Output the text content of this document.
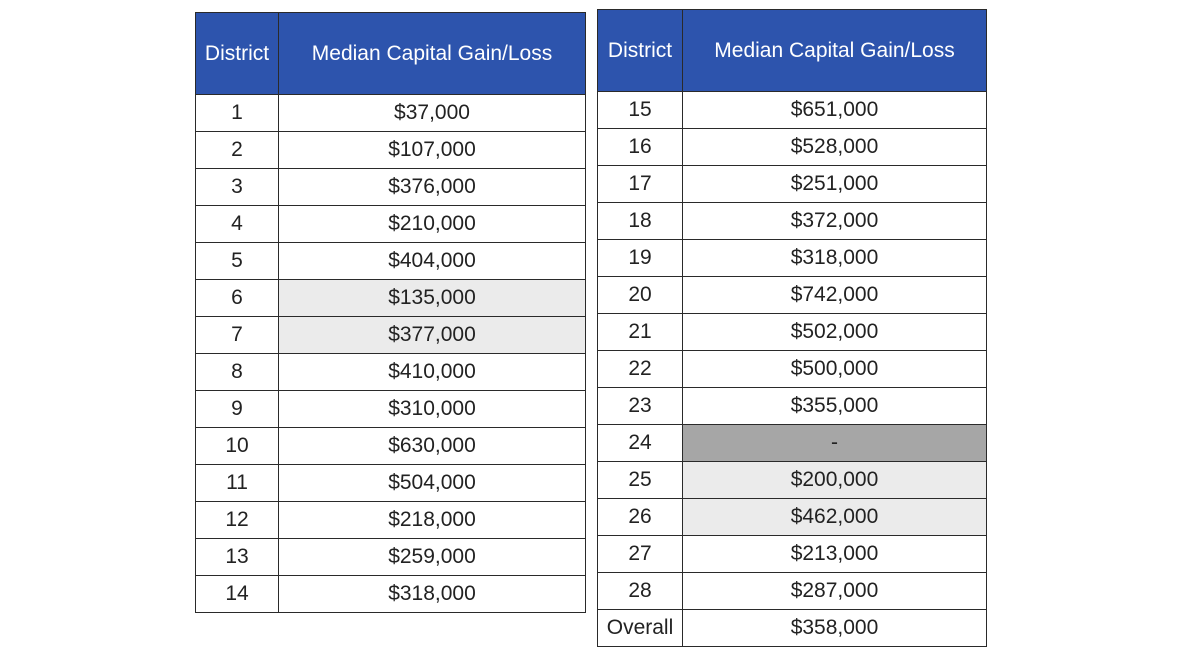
District	Median Capital Gain/Loss
1	$37,000
2	$107,000
3	$376,000
4	$210,000
5	$404,000
6	$135,000
7	$377,000
8	$410,000
9	$310,000
10	$630,000
11	$504,000
12	$218,000
13	$259,000
14	$318,000
District	Median Capital Gain/Loss
15	$651,000
16	$528,000
17	$251,000
18	$372,000
19	$318,000
20	$742,000
21	$502,000
22	$500,000
23	$355,000
24	-
25	$200,000
26	$462,000
27	$213,000
28	$287,000
Overall	$358,000
